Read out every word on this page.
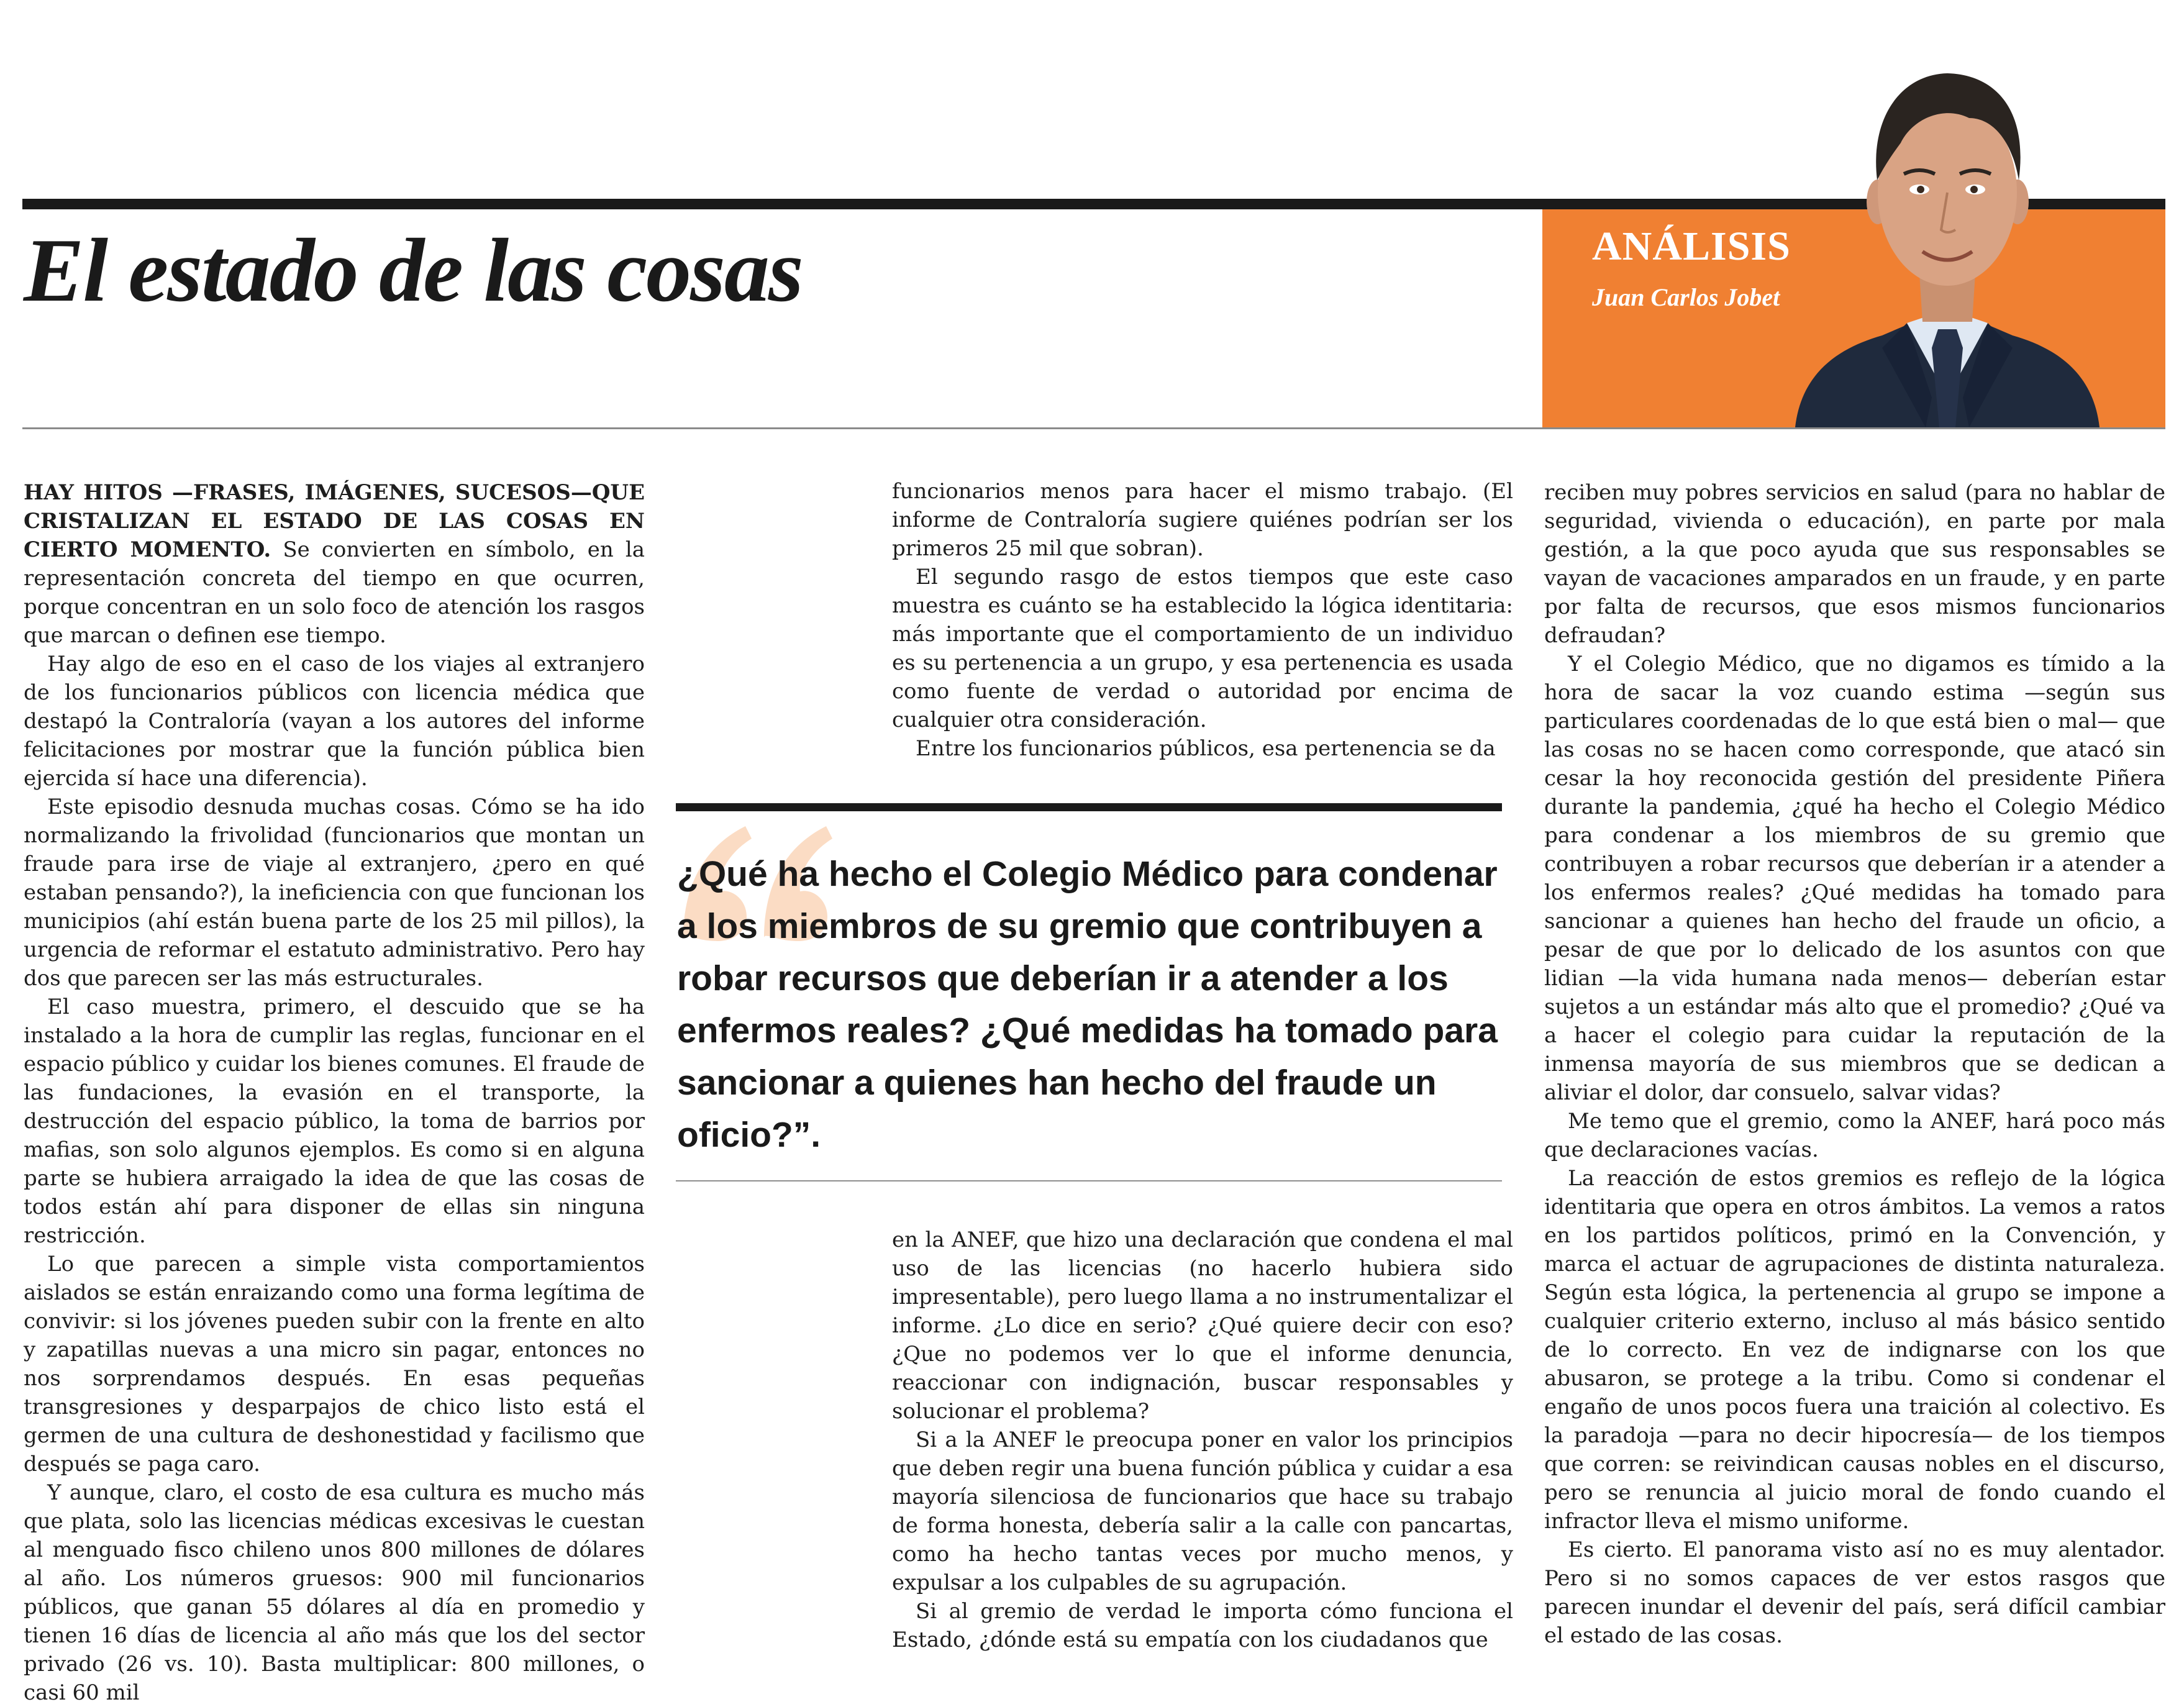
El estado de las cosas	ANÁLISIS
Juan Carlos Jobet

HAY HITOS —FRASES, IMÁGENES, SUCESOS—QUE CRISTALIZAN EL ESTADO DE LAS COSAS EN CIERTO MOMENTO. Se convierten en símbolo, en la representación concreta del tiempo en que ocurren, porque concentran en un solo foco de atención los rasgos que marcan o definen ese tiempo.

Hay algo de eso en el caso de los viajes al extranjero de los funcionarios públicos con licencia médica que destapó la Contraloría (vayan a los autores del informe felicitaciones por mostrar que la función pública bien ejercida sí hace una diferencia).

Este episodio desnuda muchas cosas. Cómo se ha ido normalizando la frivolidad (funcionarios que montan un fraude para irse de viaje al extranjero, ¿pero en qué estaban pensando?), la ineficiencia con que funcionan los municipios (ahí están buena parte de los 25 mil pillos), la urgencia de reformar el estatuto administrativo. Pero hay dos que parecen ser las más estructurales.

El caso muestra, primero, el descuido que se ha instalado a la hora de cumplir las reglas, funcionar en el espacio público y cuidar los bienes comunes. El fraude de las fundaciones, la evasión en el transporte, la destrucción del espacio público, la toma de barrios por mafias, son solo algunos ejemplos. Es como si en alguna parte se hubiera arraigado la idea de que las cosas de todos están ahí para disponer de ellas sin ninguna restricción.

Lo que parecen a simple vista comportamientos aislados se están enraizando como una forma legítima de convivir: si los jóvenes pueden subir con la frente en alto y zapatillas nuevas a una micro sin pagar, entonces no nos sorprendamos después. En esas pequeñas transgresiones y desparpajos de chico listo está el germen de una cultura de deshonestidad y facilismo que después se paga caro.

Y aunque, claro, el costo de esa cultura es mucho más que plata, solo las licencias médicas excesivas le cuestan al menguado fisco chileno unos 800 millones de dólares al año. Los números gruesos: 900 mil funcionarios públicos, que ganan 55 dólares al día en promedio y tienen 16 días de licencia al año más que los del sector privado (26 vs. 10). Basta multiplicar: 800 millones, o casi 60 mil

funcionarios menos para hacer el mismo trabajo. (El informe de Contraloría sugiere quiénes podrían ser los primeros 25 mil que sobran).

El segundo rasgo de estos tiempos que este caso muestra es cuánto se ha establecido la lógica identitaria: más importante que el comportamiento de un individuo es su pertenencia a un grupo, y esa pertenencia es usada como fuente de verdad o autoridad por encima de cualquier otra consideración.

Entre los funcionarios públicos, esa pertenencia se da

¿Qué ha hecho el Colegio Médico para condenar a los miembros de su gremio que contribuyen a robar recursos que deberían ir a atender a los enfermos reales? ¿Qué medidas ha tomado para sancionar a quienes han hecho del fraude un oficio?”.

en la ANEF, que hizo una declaración que condena el mal uso de las licencias (no hacerlo hubiera sido impresentable), pero luego llama a no instrumentalizar el informe. ¿Lo dice en serio? ¿Qué quiere decir con eso? ¿Que no podemos ver lo que el informe denuncia, reaccionar con indignación, buscar responsables y solucionar el problema?

Si a la ANEF le preocupa poner en valor los principios que deben regir una buena función pública y cuidar a esa mayoría silenciosa de funcionarios que hace su trabajo de forma honesta, debería salir a la calle con pancartas, como ha hecho tantas veces por mucho menos, y expulsar a los culpables de su agrupación.

Si al gremio de verdad le importa cómo funciona el Estado, ¿dónde está su empatía con los ciudadanos que

reciben muy pobres servicios en salud (para no hablar de seguridad, vivienda o educación), en parte por mala gestión, a la que poco ayuda que sus responsables se vayan de vacaciones amparados en un fraude, y en parte por falta de recursos, que esos mismos funcionarios defraudan?

Y el Colegio Médico, que no digamos es tímido a la hora de sacar la voz cuando estima —según sus particulares coordenadas de lo que está bien o mal— que las cosas no se hacen como corresponde, que atacó sin cesar la hoy reconocida gestión del presidente Piñera durante la pandemia, ¿qué ha hecho el Colegio Médico para condenar a los miembros de su gremio que contribuyen a robar recursos que deberían ir a atender a los enfermos reales? ¿Qué medidas ha tomado para sancionar a quienes han hecho del fraude un oficio, a pesar de que por lo delicado de los asuntos con que lidian —la vida humana nada menos— deberían estar sujetos a un estándar más alto que el promedio? ¿Qué va a hacer el colegio para cuidar la reputación de la inmensa mayoría de sus miembros que se dedican a aliviar el dolor, dar consuelo, salvar vidas?

Me temo que el gremio, como la ANEF, hará poco más que declaraciones vacías.

La reacción de estos gremios es reflejo de la lógica identitaria que opera en otros ámbitos. La vemos a ratos en los partidos políticos, primó en la Convención, y marca el actuar de agrupaciones de distinta naturaleza. Según esta lógica, la pertenencia al grupo se impone a cualquier criterio externo, incluso al más básico sentido de lo correcto. En vez de indignarse con los que abusaron, se protege a la tribu. Como si condenar el engaño de unos pocos fuera una traición al colectivo. Es la paradoja —para no decir hipocresía— de los tiempos que corren: se reivindican causas nobles en el discurso, pero se renuncia al juicio moral de fondo cuando el infractor lleva el mismo uniforme.

Es cierto. El panorama visto así no es muy alentador. Pero si no somos capaces de ver estos rasgos que parecen inundar el devenir del país, será difícil cambiar el estado de las cosas.
